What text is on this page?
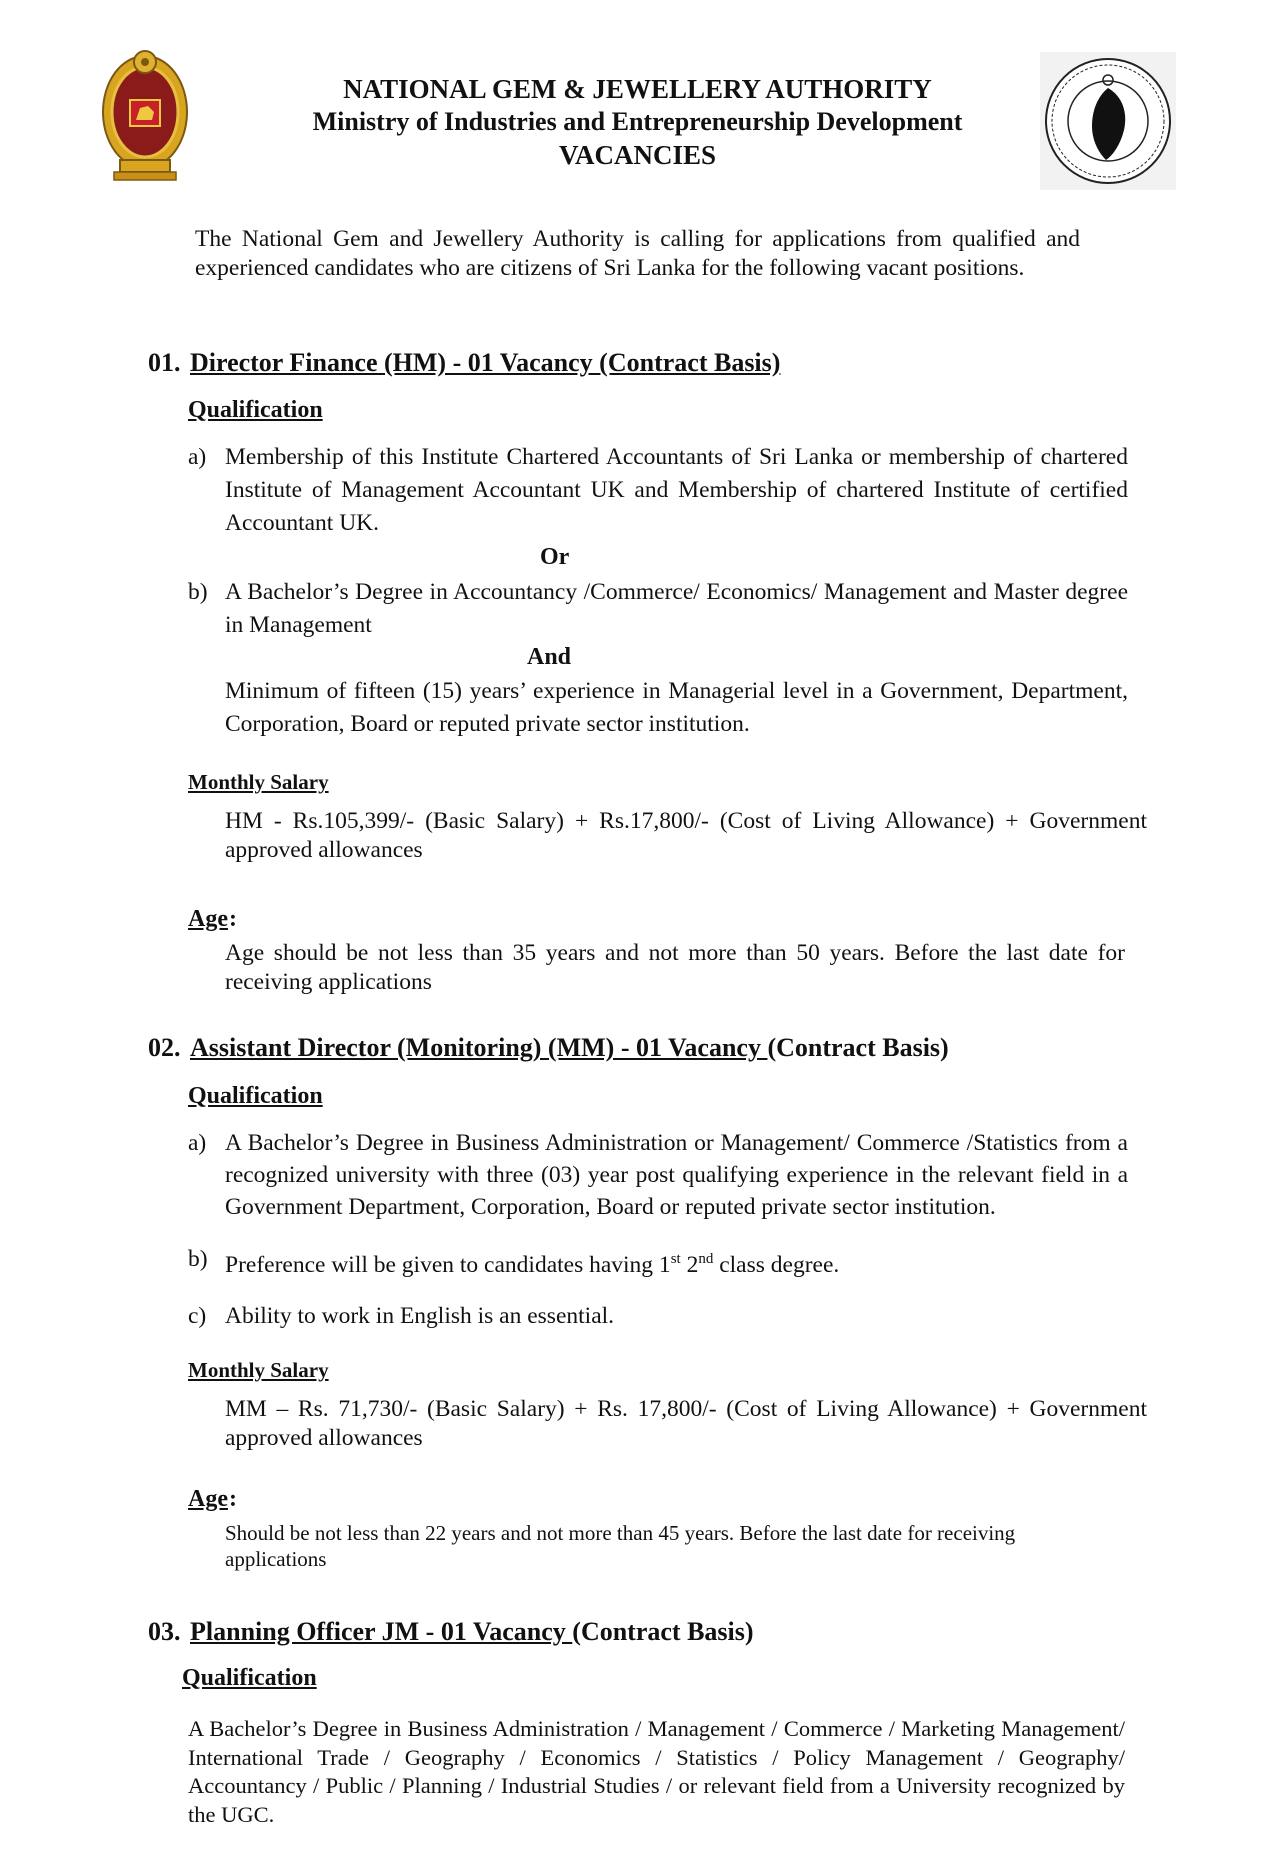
NATIONAL GEM & JEWELLERY AUTHORITY
Ministry of Industries and Entrepreneurship Development
VACANCIES
The National Gem and Jewellery Authority is calling for applications from qualified and experienced candidates who are citizens of Sri Lanka for the following vacant positions.
01. Director Finance (HM) - 01 Vacancy (Contract Basis)
Qualification
a) Membership of this Institute Chartered Accountants of Sri Lanka or membership of chartered Institute of Management Accountant UK and Membership of chartered Institute of certified Accountant UK.
Or
b) A Bachelor’s Degree in Accountancy /Commerce/ Economics/ Management and Master degree in Management
And
Minimum of fifteen (15) years’ experience in Managerial level in a Government, Department, Corporation, Board or reputed private sector institution.
Monthly Salary
HM - Rs.105,399/- (Basic Salary) + Rs.17,800/- (Cost of Living Allowance) + Government approved allowances
Age :
Age should be not less than 35 years and not more than 50 years. Before the last date for receiving applications
02. Assistant Director (Monitoring) (MM) - 01 Vacancy (Contract Basis)
Qualification
a) A Bachelor’s Degree in Business Administration or Management/ Commerce /Statistics from a recognized university with three (03) year post qualifying experience in the relevant field in a Government Department, Corporation, Board or reputed private sector institution.
b) Preference will be given to candidates having 1st 2nd class degree.
c) Ability to work in English is an essential.
Monthly Salary
MM – Rs. 71,730/- (Basic Salary) + Rs. 17,800/- (Cost of Living Allowance) + Government approved allowances
Age :
Should be not less than 22 years and not more than 45 years. Before the last date for receiving applications
03. Planning Officer JM - 01 Vacancy (Contract Basis)
Qualification
A Bachelor’s Degree in Business Administration / Management / Commerce / Marketing Management/ International Trade / Geography / Economics / Statistics / Policy Management / Geography/ Accountancy / Public / Planning / Industrial Studies / or relevant field from a University recognized by the UGC.
